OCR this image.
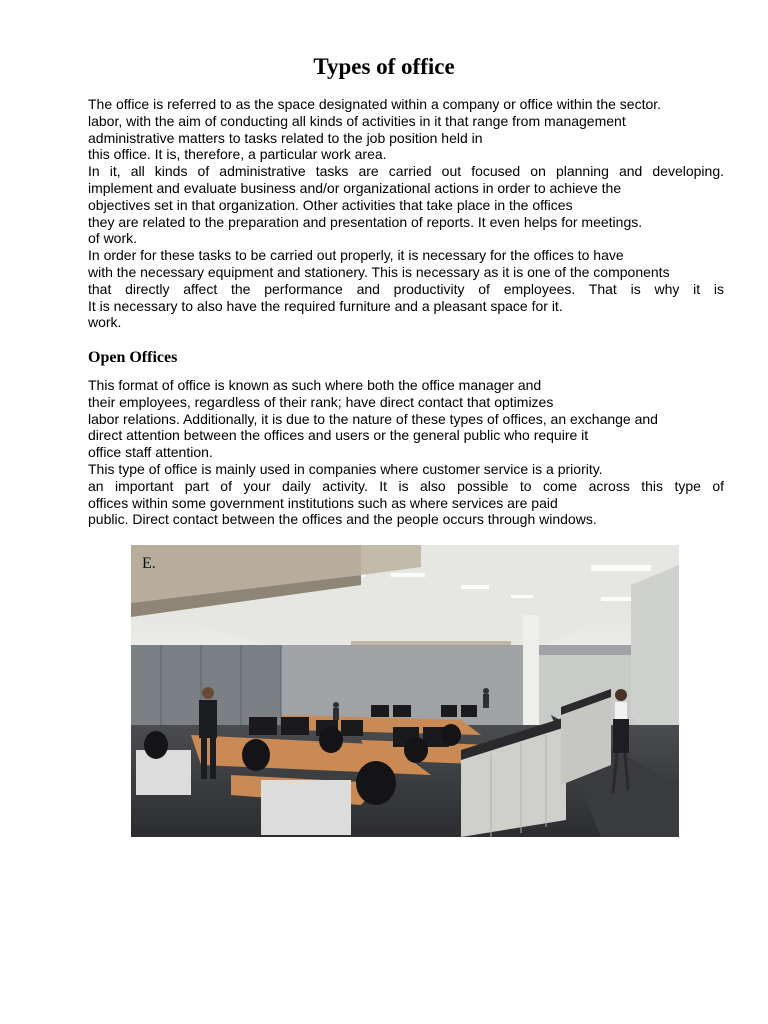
Types of office
The office is referred to as the space designated within a company or office within the sector.
labor, with the aim of conducting all kinds of activities in it that range from management
administrative matters to tasks related to the job position held in
this office. It is, therefore, a particular work area.
In it, all kinds of administrative tasks are carried out focused on planning and developing.
implement and evaluate business and/or organizational actions in order to achieve the
objectives set in that organization. Other activities that take place in the offices
they are related to the preparation and presentation of reports. It even helps for meetings.
of work.
In order for these tasks to be carried out properly, it is necessary for the offices to have
with the necessary equipment and stationery. This is necessary as it is one of the components
that directly affect the performance and productivity of employees. That is why it is
It is necessary to also have the required furniture and a pleasant space for it.
work.
Open Offices
This format of office is known as such where both the office manager and
their employees, regardless of their rank; have direct contact that optimizes
labor relations. Additionally, it is due to the nature of these types of offices, an exchange and
direct attention between the offices and users or the general public who require it
office staff attention.
This type of office is mainly used in companies where customer service is a priority.
an important part of your daily activity. It is also possible to come across this type of
offices within some government institutions such as where services are paid
public. Direct contact between the offices and the people occurs through windows.
E.
